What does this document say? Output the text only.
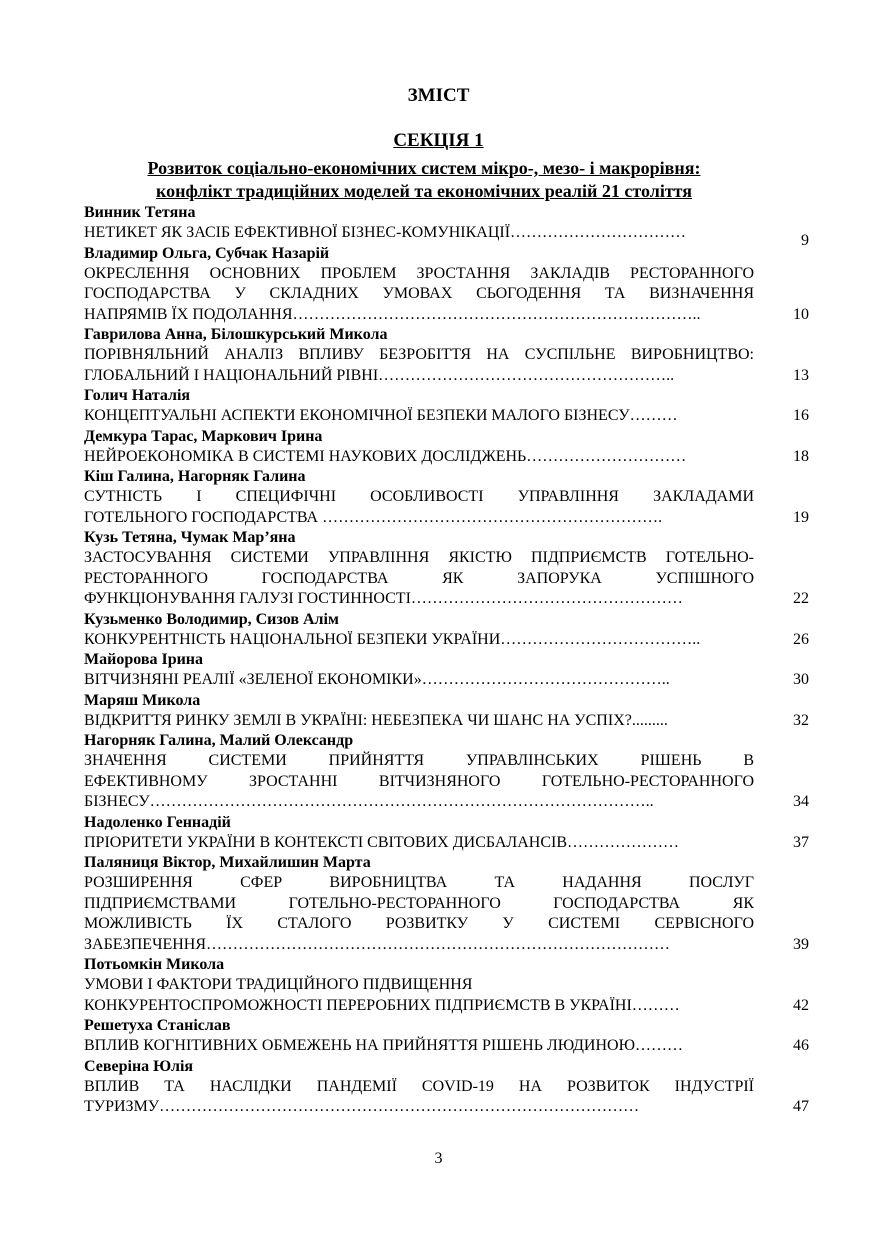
ЗМІСТ
СЕКЦІЯ 1
Розвиток соціально-економічних систем мікро-, мезо- і макрорівня:
конфлікт традиційних моделей та економічних реалій 21 століття
Винник Тетяна
НЕТИКЕТ ЯК ЗАСІБ ЕФЕКТИВНОЇ БІЗНЕС-КОМУНІКАЦІЇ……………………………	9
Владимир Ольга, Субчак Назарій
ОКРЕСЛЕННЯ ОСНОВНИХ ПРОБЛЕМ ЗРОСТАННЯ ЗАКЛАДІВ РЕСТОРАННОГО
ГОСПОДАРСТВА У СКЛАДНИХ УМОВАХ СЬОГОДЕННЯ ТА ВИЗНАЧЕННЯ
НАПРЯМІВ ЇХ ПОДОЛАННЯ…………………………………………………………………..	10
Гаврилова Анна, Білошкурський Микола
ПОРІВНЯЛЬНИЙ АНАЛІЗ ВПЛИВУ БЕЗРОБІТТЯ НА СУСПІЛЬНЕ ВИРОБНИЦТВО:
ГЛОБАЛЬНИЙ І НАЦІОНАЛЬНИЙ РІВНІ………………………………………………..	13
Голич Наталія
КОНЦЕПТУАЛЬНІ АСПЕКТИ ЕКОНОМІЧНОЇ БЕЗПЕКИ МАЛОГО БІЗНЕСУ………	16
Демкура Тарас, Маркович Ірина
НЕЙРОЕКОНОМІКА В СИСТЕМІ НАУКОВИХ ДОСЛІДЖЕНЬ…………………………	18
Кіш Галина, Нагорняк Галина
СУТНІСТЬ І СПЕЦИФІЧНІ ОСОБЛИВОСТІ УПРАВЛІННЯ ЗАКЛАДАМИ
ГОТЕЛЬНОГО ГОСПОДАРСТВА ……………………………………………………….	19
Кузь Тетяна, Чумак Мар’яна
ЗАСТОСУВАННЯ СИСТЕМИ УПРАВЛІННЯ ЯКІСТЮ ПІДПРИЄМСТВ ГОТЕЛЬНО-
РЕСТОРАННОГО ГОСПОДАРСТВА ЯК ЗАПОРУКА УСПІШНОГО
ФУНКЦІОНУВАННЯ ГАЛУЗІ ГОСТИННОСТІ……………………………………………	22
Кузьменко Володимир, Сизов Алім
КОНКУРЕНТНІСТЬ НАЦІОНАЛЬНОЇ БЕЗПЕКИ УКРАЇНИ………………………………..	26
Майорова Ірина
ВІТЧИЗНЯНІ РЕАЛІЇ «ЗЕЛЕНОЇ ЕКОНОМІКИ»………………………………………..	30
Маряш Микола
ВІДКРИТТЯ РИНКУ ЗЕМЛІ В УКРАЇНІ: НЕБЕЗПЕКА ЧИ ШАНС НА УСПІХ?.........	32
Нагорняк Галина, Малий Олександр
ЗНАЧЕННЯ СИСТЕМИ ПРИЙНЯТТЯ УПРАВЛІНСЬКИХ РІШЕНЬ В
ЕФЕКТИВНОМУ ЗРОСТАННІ ВІТЧИЗНЯНОГО ГОТЕЛЬНО-РЕСТОРАННОГО
БІЗНЕСУ…………………………………………………………………………………..	34
Надоленко Геннадій
ПРІОРИТЕТИ УКРАЇНИ В КОНТЕКСТІ СВІТОВИХ ДИСБАЛАНСІВ…………………	37
Паляниця Віктор, Михайлишин Марта
РОЗШИРЕННЯ СФЕР ВИРОБНИЦТВА ТА НАДАННЯ ПОСЛУГ
ПІДПРИЄМСТВАМИ ГОТЕЛЬНО-РЕСТОРАННОГО ГОСПОДАРСТВА ЯК
МОЖЛИВІСТЬ ЇХ СТАЛОГО РОЗВИТКУ У СИСТЕМІ СЕРВІСНОГО
ЗАБЕЗПЕЧЕННЯ……………………………………………………………………………	39
Потьомкін Микола
УМОВИ І ФАКТОРИ ТРАДИЦІЙНОГО ПІДВИЩЕННЯ
КОНКУРЕНТОСПРОМОЖНОСТІ ПЕРЕРОБНИХ ПІДПРИЄМСТВ В УКРАЇНІ………	42
Решетуха Станіслав
ВПЛИВ КОГНІТИВНИХ ОБМЕЖЕНЬ НА ПРИЙНЯТТЯ РІШЕНЬ ЛЮДИНОЮ………	46
Северіна Юлія
ВПЛИВ ТА НАСЛІДКИ ПАНДЕМІЇ COVID-19 НА РОЗВИТОК ІНДУСТРІЇ
ТУРИЗМУ………………………………………………………………………………	47
3
